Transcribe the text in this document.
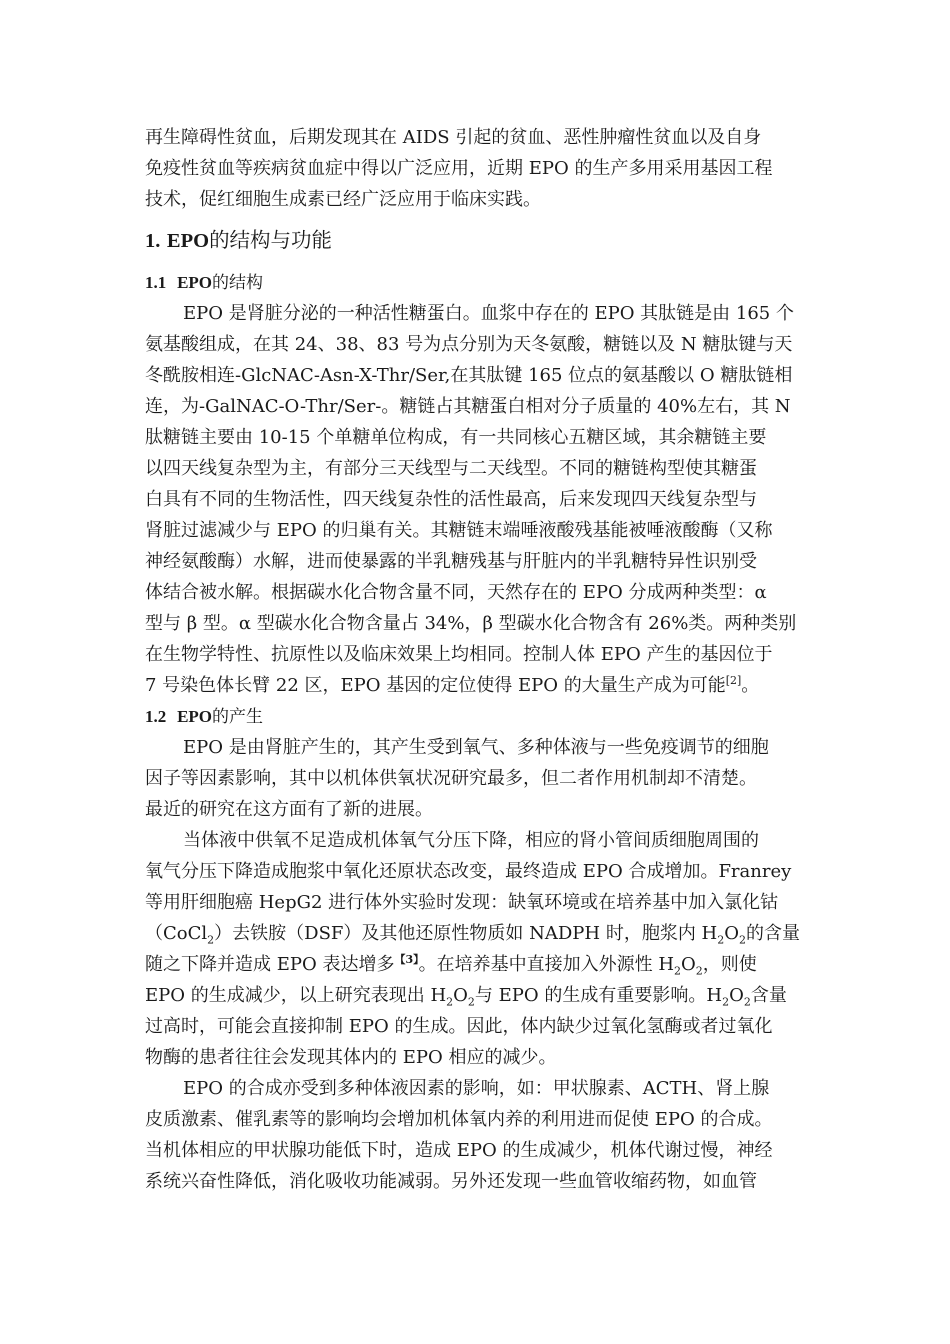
再生障碍性贫血，后期发现其在 AIDS 引起的贫血、恶性肿瘤性贫血以及自身
免疫性贫血等疾病贫血症中得以广泛应用，近期 EPO 的生产多用采用基因工程
技术，促红细胞生成素已经广泛应用于临床实践。
1. EPO的结构与功能
1.1 EPO的结构
EPO 是肾脏分泌的一种活性糖蛋白。血浆中存在的 EPO 其肽链是由 165 个
氨基酸组成，在其 24、38、83 号为点分别为天冬氨酸，糖链以及 N 糖肽键与天
冬酰胺相连-GlcNAC-Asn-X-Thr/Ser,在其肽键 165 位点的氨基酸以 O 糖肽链相
连，为-GalNAC-O-Thr/Ser-。糖链占其糖蛋白相对分子质量的 40%左右，其 N
肽糖链主要由 10-15 个单糖单位构成，有一共同核心五糖区域，其余糖链主要
以四天线复杂型为主，有部分三天线型与二天线型。不同的糖链构型使其糖蛋
白具有不同的生物活性，四天线复杂性的活性最高，后来发现四天线复杂型与
肾脏过滤减少与 EPO 的归巢有关。其糖链末端唾液酸残基能被唾液酸酶（又称
神经氨酸酶）水解，进而使暴露的半乳糖残基与肝脏内的半乳糖特异性识别受
体结合被水解。根据碳水化合物含量不同，天然存在的 EPO 分成两种类型：α
型与 β 型。α 型碳水化合物含量占 34%，β 型碳水化合物含有 26%类。两种类别
在生物学特性、抗原性以及临床效果上均相同。控制人体 EPO 产生的基因位于
7 号染色体长臂 22 区，EPO 基因的定位使得 EPO 的大量生产成为可能[2]。
1.2 EPO的产生
EPO 是由肾脏产生的，其产生受到氧气、多种体液与一些免疫调节的细胞
因子等因素影响，其中以机体供氧状况研究最多，但二者作用机制却不清楚。
最近的研究在这方面有了新的进展。
当体液中供氧不足造成机体氧气分压下降，相应的肾小管间质细胞周围的
氧气分压下降造成胞浆中氧化还原状态改变，最终造成 EPO 合成增加。Franrey
等用肝细胞癌 HepG2 进行体外实验时发现：缺氧环境或在培养基中加入氯化钴
（CoCl$_2$）去铁胺（DSF）及其他还原性物质如 NADPH 时，胞浆内 $H_2O_2$的含量
随之下降并造成 EPO 表达增多$^{【3】}$。在培养基中直接加入外源性 $H_2O_2$，则使
EPO 的生成减少，以上研究表现出 $H_2O_2$与 EPO 的生成有重要影响。$H_2O_2$含量
过高时，可能会直接抑制 EPO 的生成。因此，体内缺少过氧化氢酶或者过氧化
物酶的患者往往会发现其体内的 EPO 相应的减少。
EPO 的合成亦受到多种体液因素的影响，如：甲状腺素、ACTH、肾上腺
皮质激素、催乳素等的影响均会增加机体氧内养的利用进而促使 EPO 的合成。
当机体相应的甲状腺功能低下时，造成 EPO 的生成减少，机体代谢过慢，神经
系统兴奋性降低，消化吸收功能减弱。另外还发现一些血管收缩药物，如血管
